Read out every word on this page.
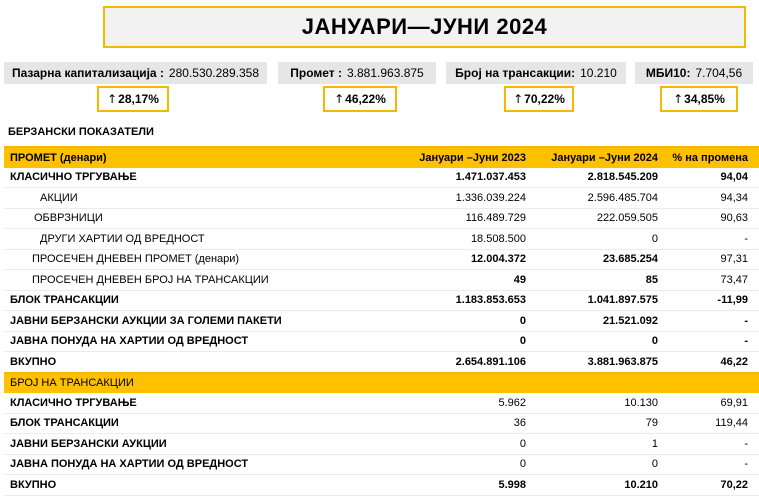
ЈАНУАРИ—ЈУНИ 2024
Пазарна капитализација : 280.530.289.358	Промет : 3.881.963.875	Број на трансакции: 10.210 МБИ10: 7.704,56
↑ 28,17%	↑ 46,22%	↑ 70,22%	↑ 34,85%
БЕРЗАНСКИ ПОКАЗАТЕЛИ
ПРОМЕТ (денари)	Јануари –Јуни 2023	Јануари –Јуни 2024	% на промена	
КЛАСИЧНО ТРГУВАЊЕ	1.471.037.453	2.818.545.209	94,04	
АКЦИИ	1.336.039.224	2.596.485.704	94,34	
ОБВРЗНИЦИ	116.489.729	222.059.505	90,63	
ДРУГИ ХАРТИИ ОД ВРЕДНОСТ	18.508.500	0	-	
ПРОСЕЧЕН ДНЕВЕН ПРОМЕТ (денари)	12.004.372	23.685.254	97,31	
ПРОСЕЧЕН ДНЕВЕН БРОЈ НА ТРАНСАКЦИИ	49	85	73,47	
БЛОК ТРАНСАКЦИИ	1.183.853.653	1.041.897.575	-11,99	
ЈАВНИ БЕРЗАНСКИ АУКЦИИ ЗА ГОЛЕМИ ПАКЕТИ	0	21.521.092	-	
ЈАВНА ПОНУДА НА ХАРТИИ ОД ВРЕДНОСТ	0	0	-	
ВКУПНО	2.654.891.106	3.881.963.875	46,22	
БРОЈ НА ТРАНСАКЦИИ				
КЛАСИЧНО ТРГУВАЊЕ	5.962	10.130	69,91	
БЛОК ТРАНСАКЦИИ	36	79	119,44	
ЈАВНИ БЕРЗАНСКИ АУКЦИИ	0	1	-	
ЈАВНА ПОНУДА НА ХАРТИИ ОД ВРЕДНОСТ	0	0	-	
ВКУПНО	5.998	10.210	70,22	
